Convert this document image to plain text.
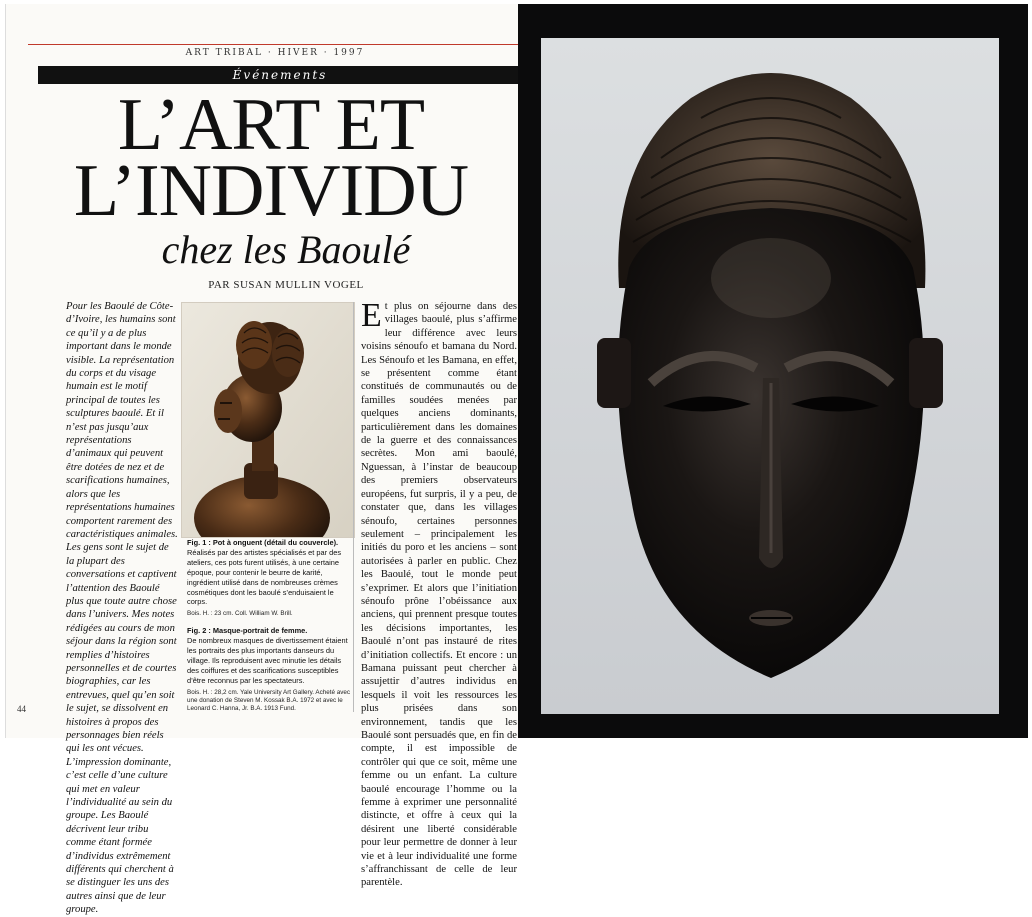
ART TRIBAL · HIVER · 1997
Événements
L’ART ET
L’INDIVIDU
chez les Baoulé
PAR SUSAN MULLIN VOGEL
Pour les Baoulé de Côte-d’Ivoire, les humains sont ce qu’il y a de plus important dans le monde visible. La représentation du corps et du visage humain est le motif principal de toutes les sculptures baoulé. Et il n’est pas jusqu’aux représentations d’animaux qui peuvent être dotées de nez et de scarifications humaines, alors que les représentations humaines comportent rarement des caractéristiques animales. Les gens sont le sujet de la plupart des conversations et captivent l’attention des Baoulé plus que toute autre chose dans l’univers. Mes notes rédigées au cours de mon séjour dans la région sont remplies d’histoires personnelles et de courtes biographies, car les entrevues, quel qu’en soit le sujet, se dissolvent en histoires à propos des personnages bien réels qui les ont vécues. L’impression dominante, c’est celle d’une culture qui met en valeur l’individualité au sein du groupe. Les Baoulé décrivent leur tribu comme étant formée d’individus extrêmement différents qui cherchent à se distinguer les uns des autres ainsi que de leur groupe.
Fig. 1 : Pot à onguent (détail du couvercle).
Réalisés par des artistes spécialisés et par des ateliers, ces pots furent utilisés, à une certaine époque, pour contenir le beurre de karité, ingrédient utilisé dans de nombreuses crèmes cosmétiques dont les baoulé s’enduisaient le corps.
Bois. H. : 23 cm. Coll. William W. Brill.
Fig. 2 : Masque-portrait de femme.
De nombreux masques de divertissement étaient les portraits des plus importants danseurs du village. Ils reproduisent avec minutie les détails des coiffures et des scarifications susceptibles d’être reconnus par les spectateurs.
Bois. H. : 28,2 cm. Yale University Art Gallery. Acheté avec une donation de Steven M. Kossak B.A. 1972 et avec le Leonard C. Hanna, Jr. B.A. 1913 Fund.
Et plus on séjourne dans des villages baoulé, plus s’affirme leur différence avec leurs voisins sénoufo et bamana du Nord. Les Sénoufo et les Bamana, en effet, se présentent comme étant constitués de communautés ou de familles soudées menées par quelques anciens dominants, particulièrement dans les domaines de la guerre et des connaissances secrètes. Mon ami baoulé, Nguessan, à l’instar de beaucoup des premiers observateurs européens, fut surpris, il y a peu, de constater que, dans les villages sénoufo, certaines personnes seulement – principalement les initiés du poro et les anciens – sont autorisées à parler en public. Chez les Baoulé, tout le monde peut s’exprimer. Et alors que l’initiation sénoufo prône l’obéissance aux anciens, qui prennent presque toutes les décisions importantes, les Baoulé n’ont pas instauré de rites d’initiation collectifs. Et encore : un Bamana puissant peut chercher à assujettir d’autres individus en lesquels il voit les ressources les plus prisées dans son environnement, tandis que les Baoulé sont persuadés que, en fin de compte, il est impossible de contrôler qui que ce soit, même une femme ou un enfant. La culture baoulé encourage l’homme ou la femme à exprimer une personnalité distincte, et offre à ceux qui la désirent une liberté considérable pour leur permettre de donner à leur vie et à leur individualité une forme s’affranchissant de celle de leur parentèle.
44
